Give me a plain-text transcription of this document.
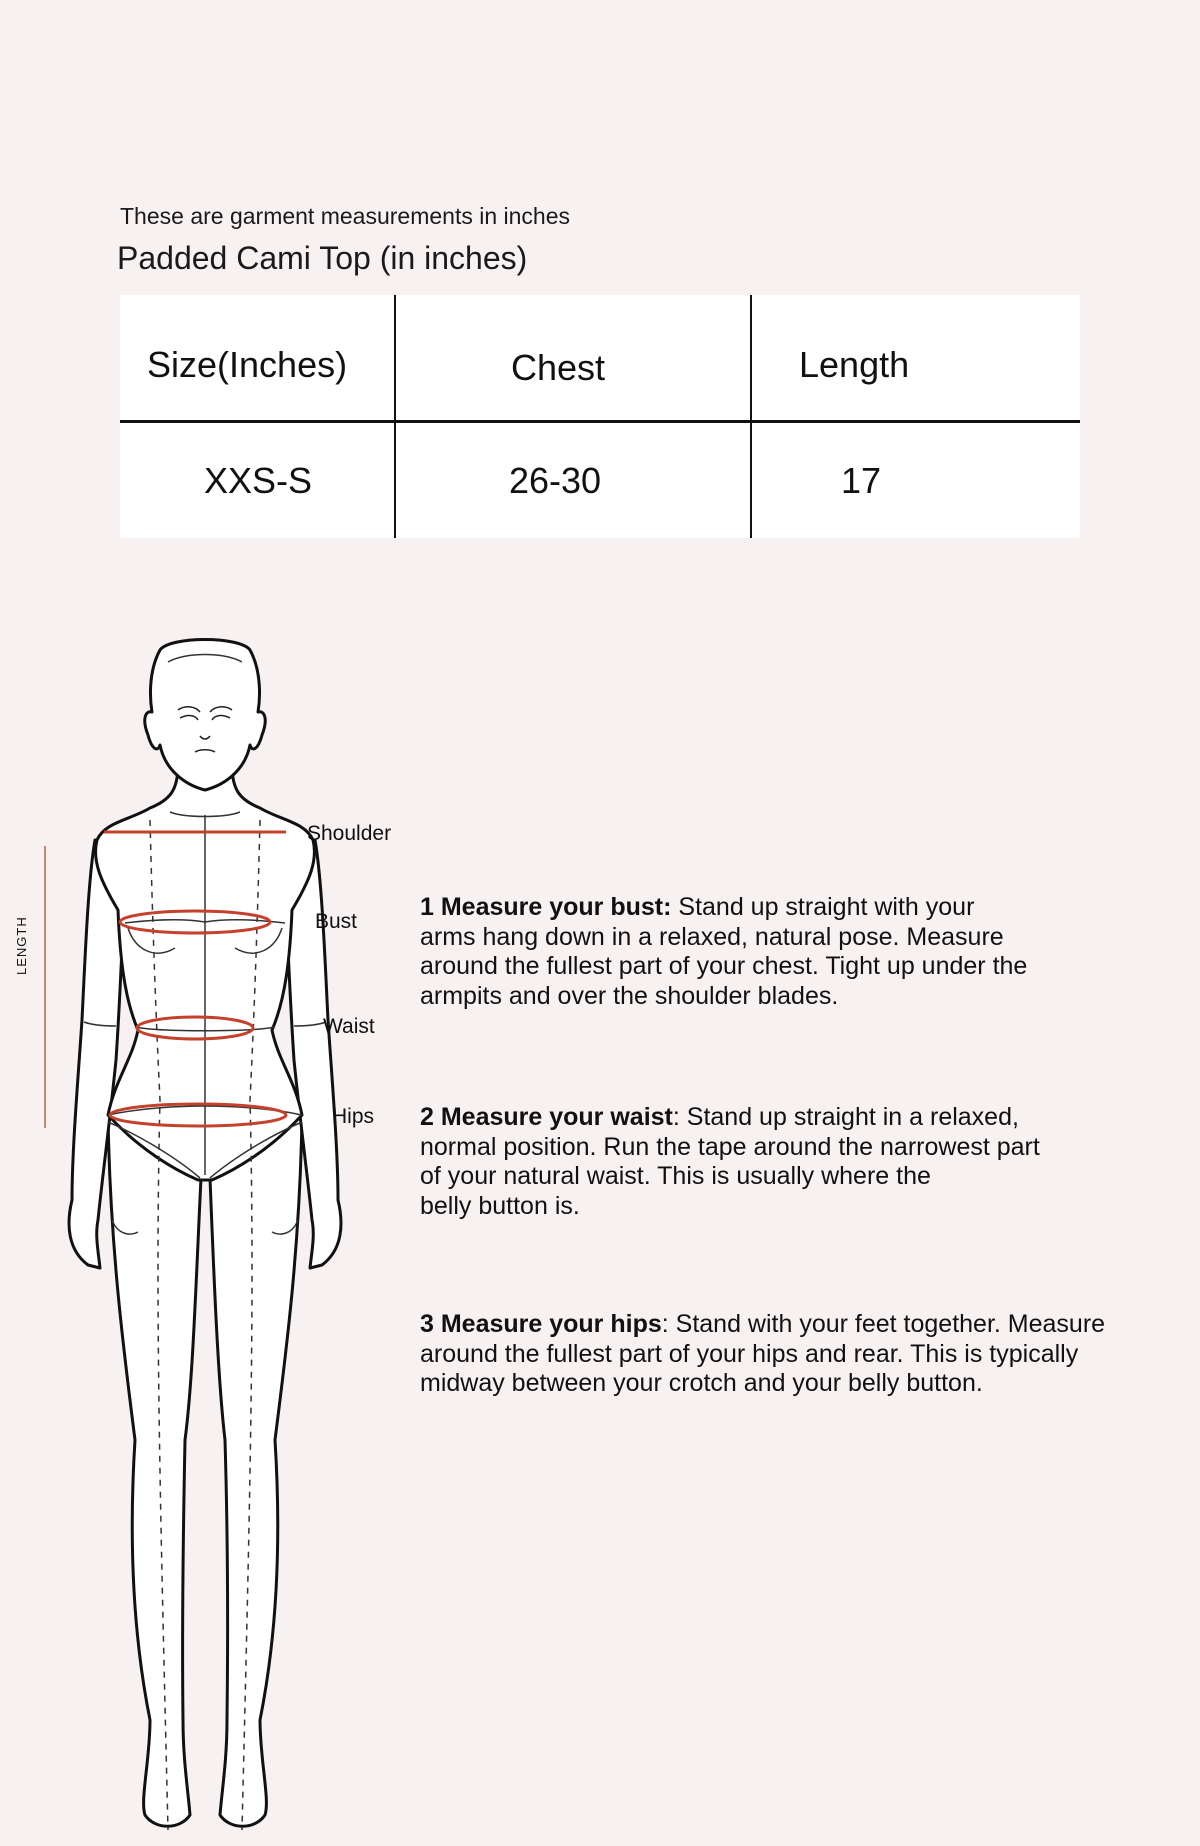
These are garment measurements in inches
Padded Cami Top (in inches)
Size(Inches)	Chest	Length
XXS-S	26-30	17
LENGTH
Shoulder
Bust
Waist
Hips

1 Measure your bust: Stand up straight with your

arms hang down in a relaxed, natural pose. Measure

around the fullest part of your chest. Tight up under the

armpits and over the shoulder blades.

2 Measure your waist: Stand up straight in a relaxed,

normal position. Run the tape around the narrowest part

of your natural waist. This is usually where the

belly button is.

3 Measure your hips: Stand with your feet together. Measure

around the fullest part of your hips and rear. This is typically

midway between your crotch and your belly button.
